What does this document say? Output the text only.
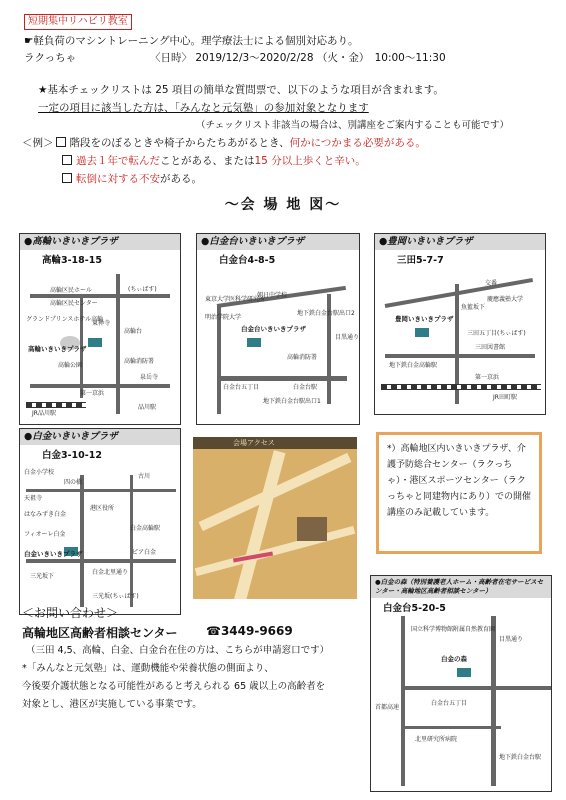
短期集中リハビリ教室
☛軽負荷のマシントレーニング中心。理学療法士による個別対応あり。
ラクっちゃ	〈日時〉 2019/12/3～2020/2/28 （火・金）　10:00～11:30
★基本チェックリストは 25 項目の簡単な質問票で、以下のような項目が含まれます。
一定の項目に該当した方は、「みんなと元気塾」の参加対象となります
（チェックリスト非該当の場合は、別講座をご案内することも可能です）
＜例＞ 階段をのぼるときや椅子からたちあがるとき、何かにつかまる必要がある。
過去１年で転んだことがある、または15 分以上歩くと辛い。
転倒に対する不安がある。
～会 場 地 図～
●高輪いきいきプラザ
高輪3-18-15
高輪区民ホール
高輪区民センター
グランドプリンスホテル高輪
高輪いきいきプラザ
高輪台
高輪消防署
泉岳寺
第一京浜
JR品川駅
品川駅
高輪公園
東禅寺
(ちぃばす)
●白金台いきいきプラザ
白金台4-8-5
朝日中学校
地下鉄白金台駅出口2
白金台いきいきプラザ
白金台五丁目
地下鉄白金台駅出口1
高輪消防署
白金台駅
明治学院大学
目黒通り
東京大学医科学研究所
●豊岡いきいきプラザ
三田5-7-7
豊岡いきいきプラザ
交番
慶應義塾大学
魚籃坂下
三田五丁目(ちぃばす)
三田図書館
地下鉄白金高輪駅
第一京浜
JR田町駅
●白金いきいきプラザ
白金3-10-12
白金小学校
四の橋
天祖寺
はなみずき白金
フィオーレ白金
港区役所
白金いきいきプラザ
古川
三光坂下
白金高輪駅
ピア白金
白金北里通り
三光坂(ちぃばす)
会場アクセス
*）高輪地区内いきいきプラザ、介護予防総合センター（ラクっちゃ）・港区スポーツセンター（ラクっちゃと同建物内にあり）での開催講座のみ記載しています。
●白金の森（特別養護老人ホーム・高齢者在宅サービスセンター・高輪地区高齢者相談センター）
白金台5-20-5
白金の森
地下鉄白金台駅
国立科学博物館附属自然教育園
目黒通り
首都高速
白金台五丁目
北里研究所病院
＜お問い合わせ＞
高輪地区高齢者相談センター ☎3449-9669
（三田 4,5、高輪、白金、白金台在住の方は、こちらが申請窓口です）
*「みんなと元気塾」は、運動機能や栄養状態の側面より、
今後要介護状態となる可能性があると考えられる 65 歳以上の高齢者を
対象とし、港区が実施している事業です。
